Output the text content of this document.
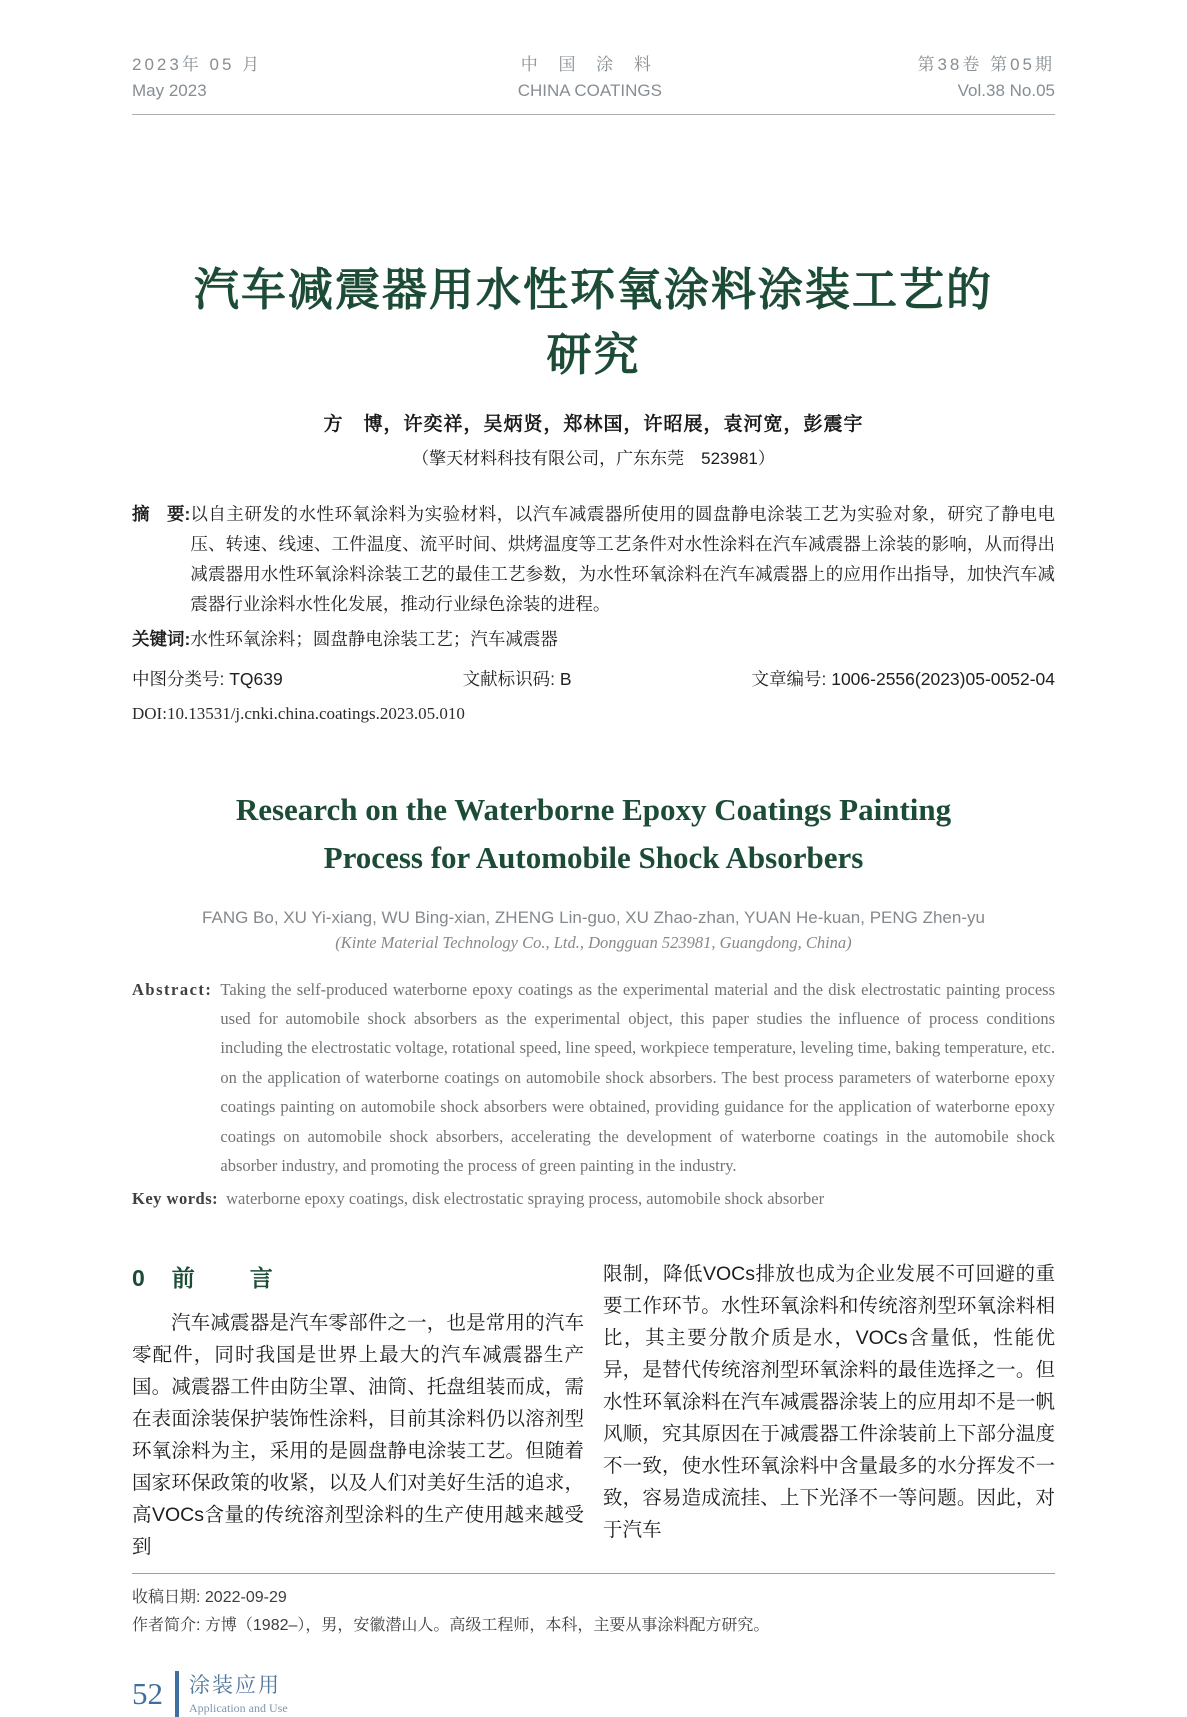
2023年 05 月
May 2023
中 国 涂 料
CHINA COATINGS
第38卷 第05期
Vol.38 No.05
汽车减震器用水性环氧涂料涂装工艺的
研究
方　博，许奕祥，吴炳贤，郑林国，许昭展，袁河宽，彭震宇
（擎天材料科技有限公司，广东东莞　523981）
摘　要: 以自主研发的水性环氧涂料为实验材料，以汽车减震器所使用的圆盘静电涂装工艺为实验对象，研究了静电电压、转速、线速、工件温度、流平时间、烘烤温度等工艺条件对水性涂料在汽车减震器上涂装的影响，从而得出减震器用水性环氧涂料涂装工艺的最佳工艺参数，为水性环氧涂料在汽车减震器上的应用作出指导，加快汽车减震器行业涂料水性化发展，推动行业绿色涂装的进程。
关键词: 水性环氧涂料；圆盘静电涂装工艺；汽车减震器
中图分类号: TQ639	文献标识码: B	文章编号: 1006-2556(2023)05-0052-04
DOI:10.13531/j.cnki.china.coatings.2023.05.010
Research on the Waterborne Epoxy Coatings Painting
Process for Automobile Shock Absorbers
FANG Bo, XU Yi-xiang, WU Bing-xian, ZHENG Lin-guo, XU Zhao-zhan, YUAN He-kuan, PENG Zhen-yu
(Kinte Material Technology Co., Ltd., Dongguan 523981, Guangdong, China)
Abstract: Taking the self-produced waterborne epoxy coatings as the experimental material and the disk electrostatic painting process used for automobile shock absorbers as the experimental object, this paper studies the influence of process conditions including the electrostatic voltage, rotational speed, line speed, workpiece temperature, leveling time, baking temperature, etc. on the application of waterborne coatings on automobile shock absorbers. The best process parameters of waterborne epoxy coatings painting on automobile shock absorbers were obtained, providing guidance for the application of waterborne epoxy coatings on automobile shock absorbers, accelerating the development of waterborne coatings in the automobile shock absorber industry, and promoting the process of green painting in the industry.
Key words: waterborne epoxy coatings, disk electrostatic spraying process, automobile shock absorber
0 前　言

汽车减震器是汽车零部件之一，也是常用的汽车零配件，同时我国是世界上最大的汽车减震器生产国。减震器工件由防尘罩、油筒、托盘组装而成，需在表面涂装保护装饰性涂料，目前其涂料仍以溶剂型环氧涂料为主，采用的是圆盘静电涂装工艺。但随着国家环保政策的收紧，以及人们对美好生活的追求，高VOCs含量的传统溶剂型涂料的生产使用越来越受到

限制，降低VOCs排放也成为企业发展不可回避的重要工作环节。水性环氧涂料和传统溶剂型环氧涂料相比，其主要分散介质是水，VOCs含量低，性能优异，是替代传统溶剂型环氧涂料的最佳选择之一。但水性环氧涂料在汽车减震器涂装上的应用却不是一帆风顺，究其原因在于减震器工件涂装前上下部分温度不一致，使水性环氧涂料中含量最多的水分挥发不一致，容易造成流挂、上下光泽不一等问题。因此，对于汽车

收稿日期: 2022-09-29
作者简介: 方博（1982–），男，安徽潜山人。高级工程师，本科，主要从事涂料配方研究。
52 涂装应用
Application and Use
